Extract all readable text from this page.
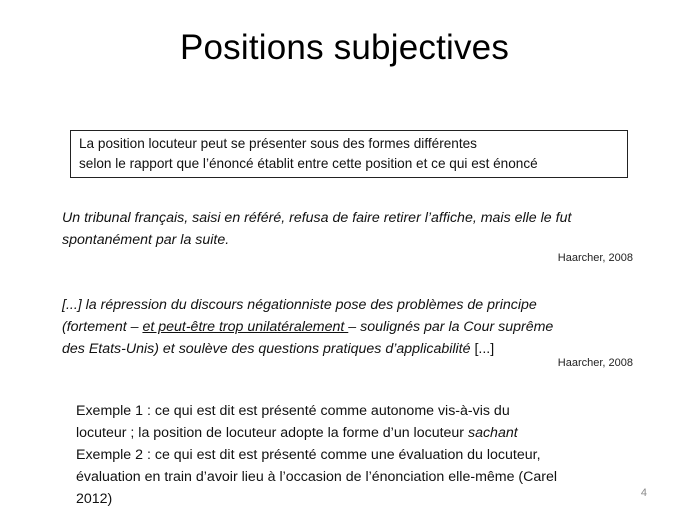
Positions subjectives
La position locuteur peut se présenter sous des formes différentes
selon le rapport que l’énoncé établit entre cette position et ce qui est énoncé
Un tribunal français, saisi en référé, refusa de faire retirer l’affiche, mais elle le fut
spontanément par la suite.
Haarcher, 2008
[...] la répression du discours négationniste pose des problèmes de principe
(fortement – et peut-être trop unilatéralement – soulignés par la Cour suprême
des Etats-Unis) et soulève des questions pratiques d’applicabilité [...]
Haarcher, 2008
Exemple 1 : ce qui est dit est présenté comme autonome vis-à-vis du
locuteur ; la position de locuteur adopte la forme d’un locuteur sachant
Exemple 2 : ce qui est dit est présenté comme une évaluation du locuteur,
évaluation en train d’avoir lieu à l’occasion de l’énonciation elle-même (Carel
2012)	4
